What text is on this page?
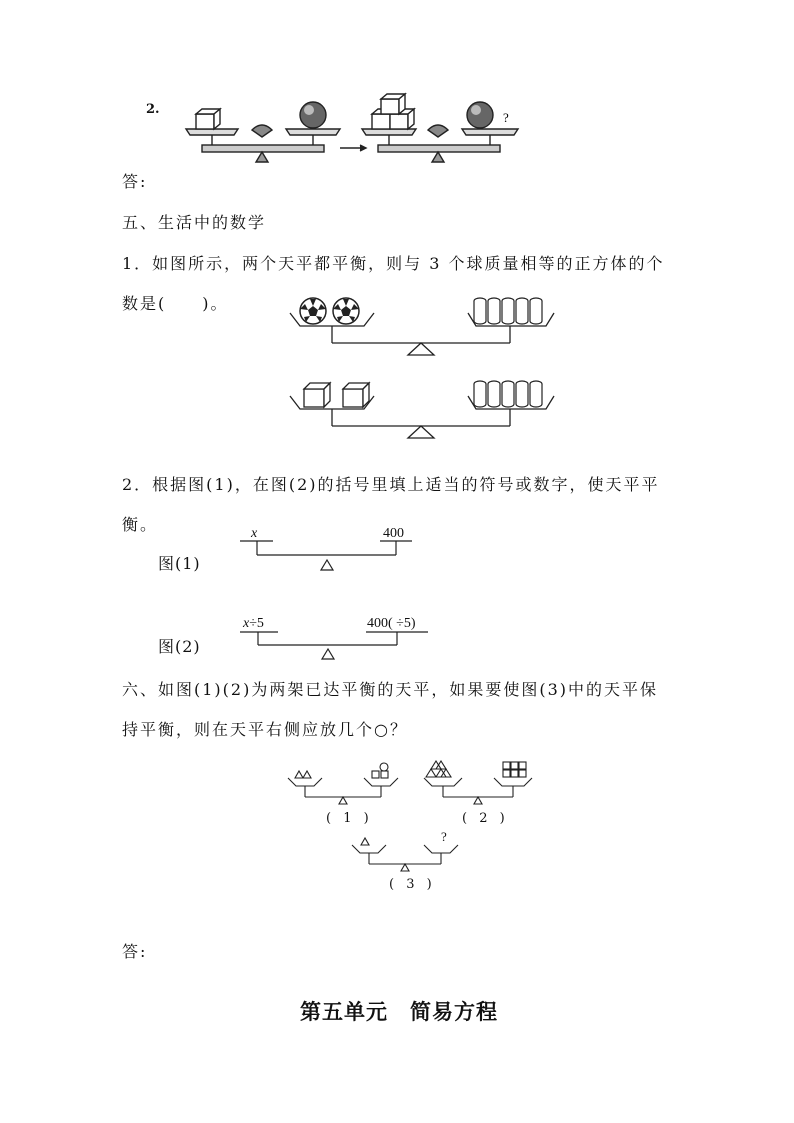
2.
?
答:
五、生活中的数学
1．如图所示，两个天平都平衡，则与 3 个球质量相等的正方体的个
数是(　　)。
2．根据图(1)，在图(2)的括号里填上适当的符号或数字，使天平平
衡。
图(1)
图(2)
x	400
x÷5	400( ÷5)
六、如图(1)(2)为两架已达平衡的天平，如果要使图(3)中的天平保
持平衡，则在天平右侧应放几个○？
( 1 )	( 2 )
( 3 )
?
答:
第五单元　简易方程
